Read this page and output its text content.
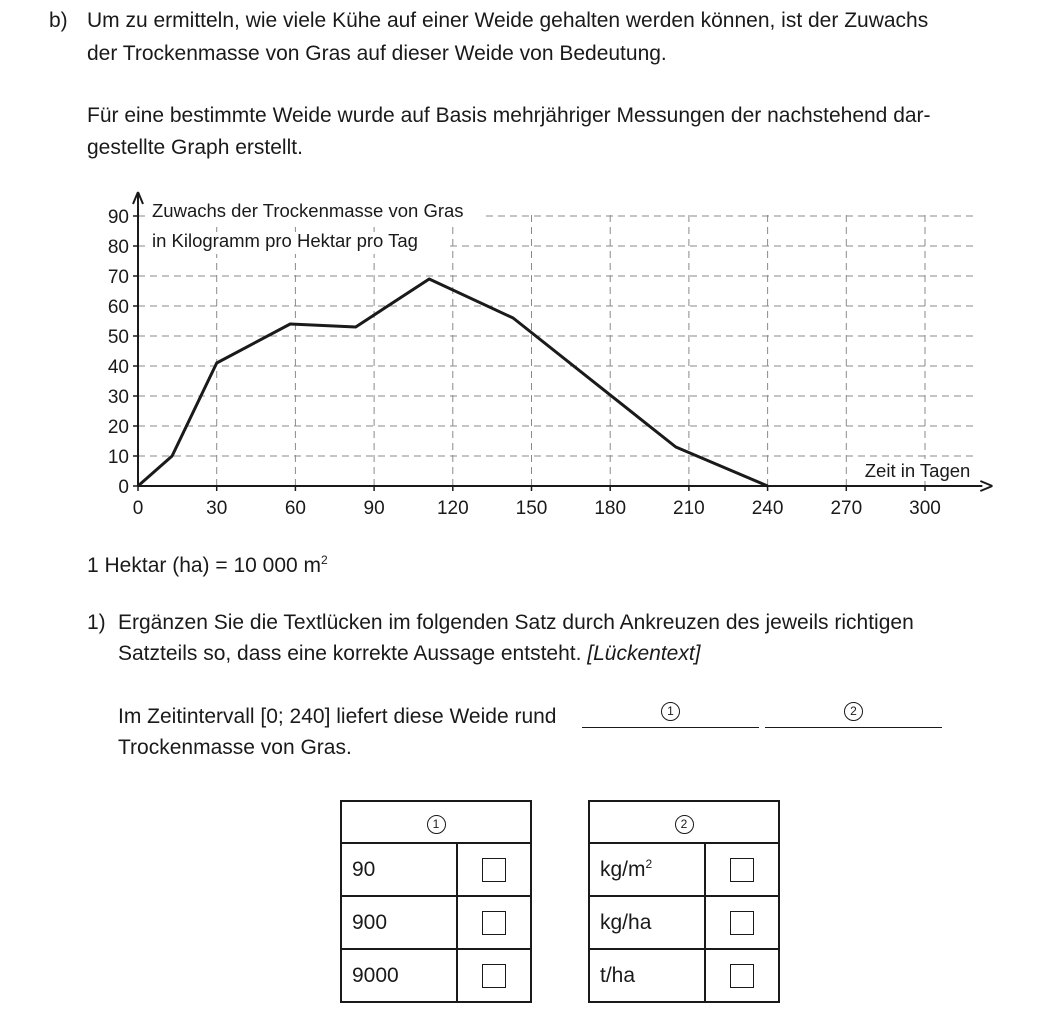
b) Um zu ermitteln, wie viele Kühe auf einer Weide gehalten werden können, ist der Zuwachs
der Trockenmasse von Gras auf dieser Weide von Bedeutung.
Für eine bestimmte Weide wurde auf Basis mehrjähriger Messungen der nachstehend dar-
gestellte Graph erstellt.
0
10
20
30
40
50
60
70
80
90
0	30	60	90	120 150 180 210 240 270 300
Zuwachs der Trockenmasse von Gras
in Kilogramm pro Hektar pro Tag
Zeit in Tagen
1 Hektar (ha) = 10 000 $m^2$
1) Ergänzen Sie die Textlücken im folgenden Satz durch Ankreuzen des jeweils richtigen
Satzteils so, dass eine korrekte Aussage entsteht. [Lückentext]
Im Zeitintervall [0; 240] liefert diese Weide rund	1	2
Trockenmasse von Gras.
1	
90	
900	
9000	
2	
$kg/m^2$	
kg/ha	
t/ha	
